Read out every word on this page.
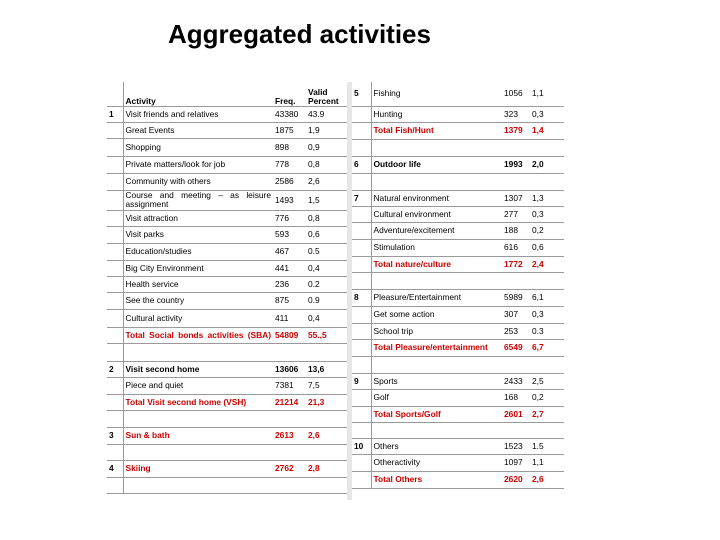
Aggregated activities
	Activity	Freq.	Valid Percent
1	Visit friends and relatives	43380	43.9
	Great Events	1875	1,9
	Shopping	898	0,9
	Private matters/look for job	778	0,8
	Community with others	2586	2,6
	Course and meeting – as leisure assignment	1493	1,5
	Visit attraction	776	0,8
	Visit parks	593	0,6
	Education/studies	467	0.5
	Big City Environment	441	0,4
	Health service	236	0.2
	See the country	875	0.9
	Cultural activity	411	0,4
	Total Social bonds activities (SBA)	54809	55.,5

2	Visit second home	13606	13,6
	Piece and quiet	7381	7,5
	Total Visit second home (VSH)	21214	21,3

3	Sun & bath	2613	2,6

4	Skiing	2762	2,8

5	Fishing	1056	1,1
	Hunting	323	0,3
	Total Fish/Hunt	1379	1,4

6	Outdoor life	1993	2,0

7	Natural environment	1307	1,3
	Cultural environment	277	0,3
	Adventure/excitement	188	0,2
	Stimulation	616	0,6
	Total nature/culture	1772	2,4

8	Pleasure/Entertainment	5989	6,1
	Get some action	307	0,3
	School trip	253	0.3
	Total Pleasure/entertainment	6549	6,7

9	Sports	2433	2,5
	Golf	168	0,2
	Total Sports/Golf	2601	2,7

10	Others	1523	1.5
	Otheractivity	1097	1,1
	Total Others	2620	2,6
